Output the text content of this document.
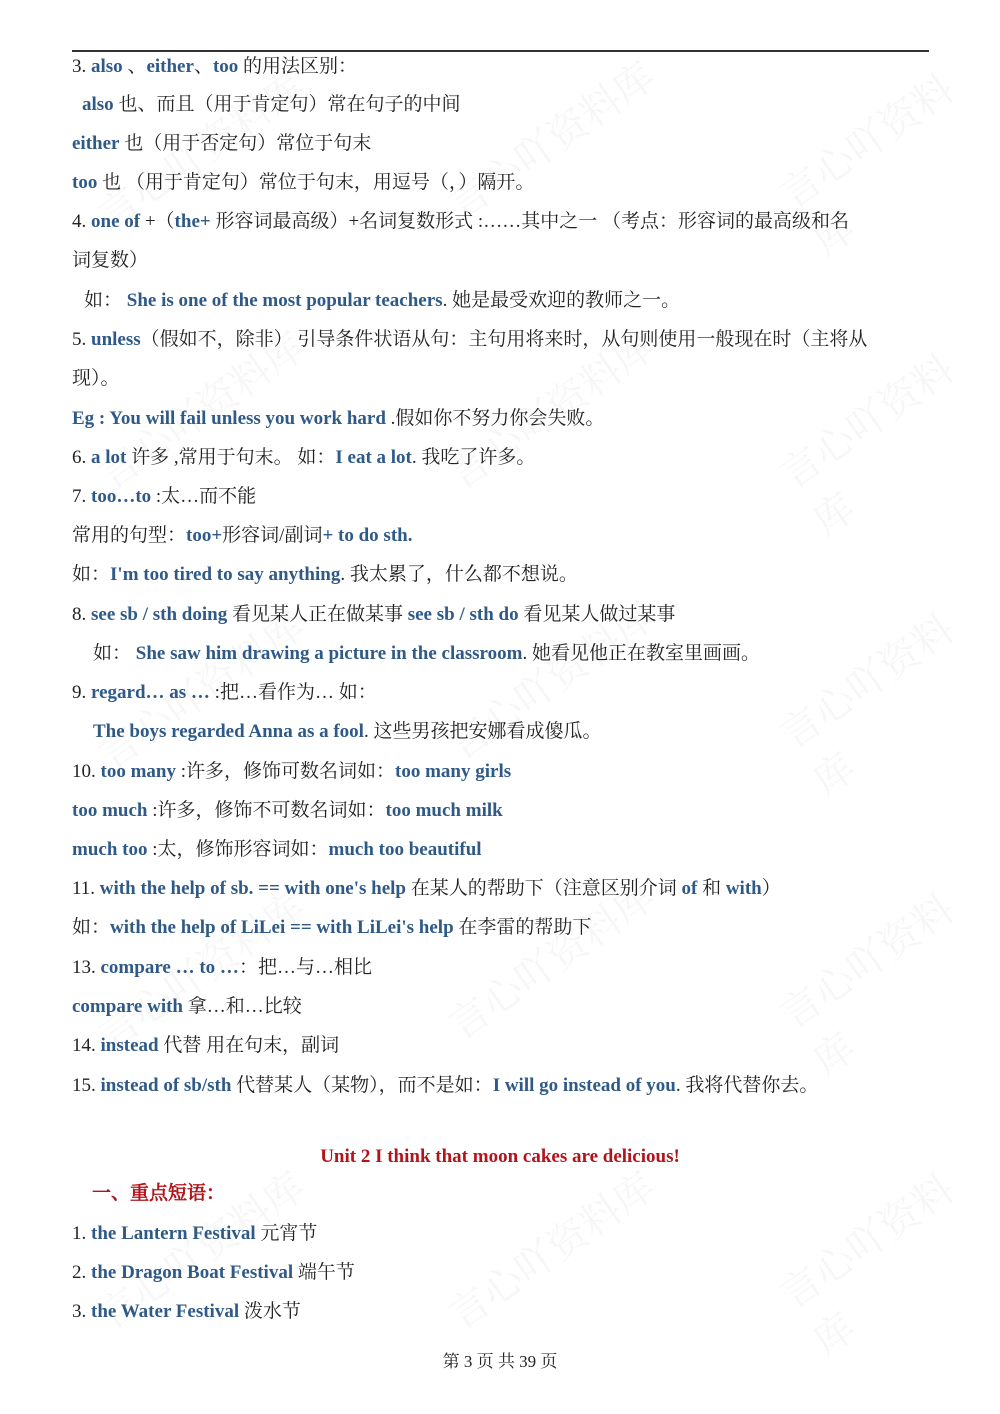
3. also 、either、too 的用法区别：
also 也、而且（用于肯定句）常在句子的中间
either 也（用于否定句）常位于句末
too 也 （用于肯定句）常位于句末，用逗号（，）隔开。
4. one of +（the+ 形容词最高级）+名词复数形式 :……其中之一 （考点：形容词的最高级和名
词复数）
如： She is one of the most popular teachers. 她是最受欢迎的教师之一。
5. unless（假如不，除非） 引导条件状语从句：主句用将来时，从句则使用一般现在时（主将从
现）。
Eg : You will fail unless you work hard .假如你不努力你会失败。
6. a lot 许多 ,常用于句末。 如：I eat a lot. 我吃了许多。
7. too…to :太…而不能
常用的句型：too+形容词/副词+ to do sth.
如：I'm too tired to say anything. 我太累了，什么都不想说。
8. see sb / sth doing 看见某人正在做某事 see sb / sth do 看见某人做过某事
如： She saw him drawing a picture in the classroom. 她看见他正在教室里画画。
9. regard… as … :把…看作为… 如：
The boys regarded Anna as a fool. 这些男孩把安娜看成傻瓜。
10. too many :许多，修饰可数名词如：too many girls
too much :许多，修饰不可数名词如：too much milk
much too :太，修饰形容词如：much too beautiful
11. with the help of sb. == with one's help 在某人的帮助下（注意区别介词 of 和 with）
如：with the help of LiLei == with LiLei's help 在李雷的帮助下
13. compare … to …：把…与…相比
compare with 拿…和…比较
14. instead 代替 用在句末，副词
15. instead of sb/sth 代替某人（某物），而不是如：I will go instead of you. 我将代替你去。
Unit 2 I think that moon cakes are delicious!
一、重点短语：
1. the Lantern Festival 元宵节
2. the Dragon Boat Festival 端午节
3. the Water Festival 泼水节
第 3 页 共 39 页
